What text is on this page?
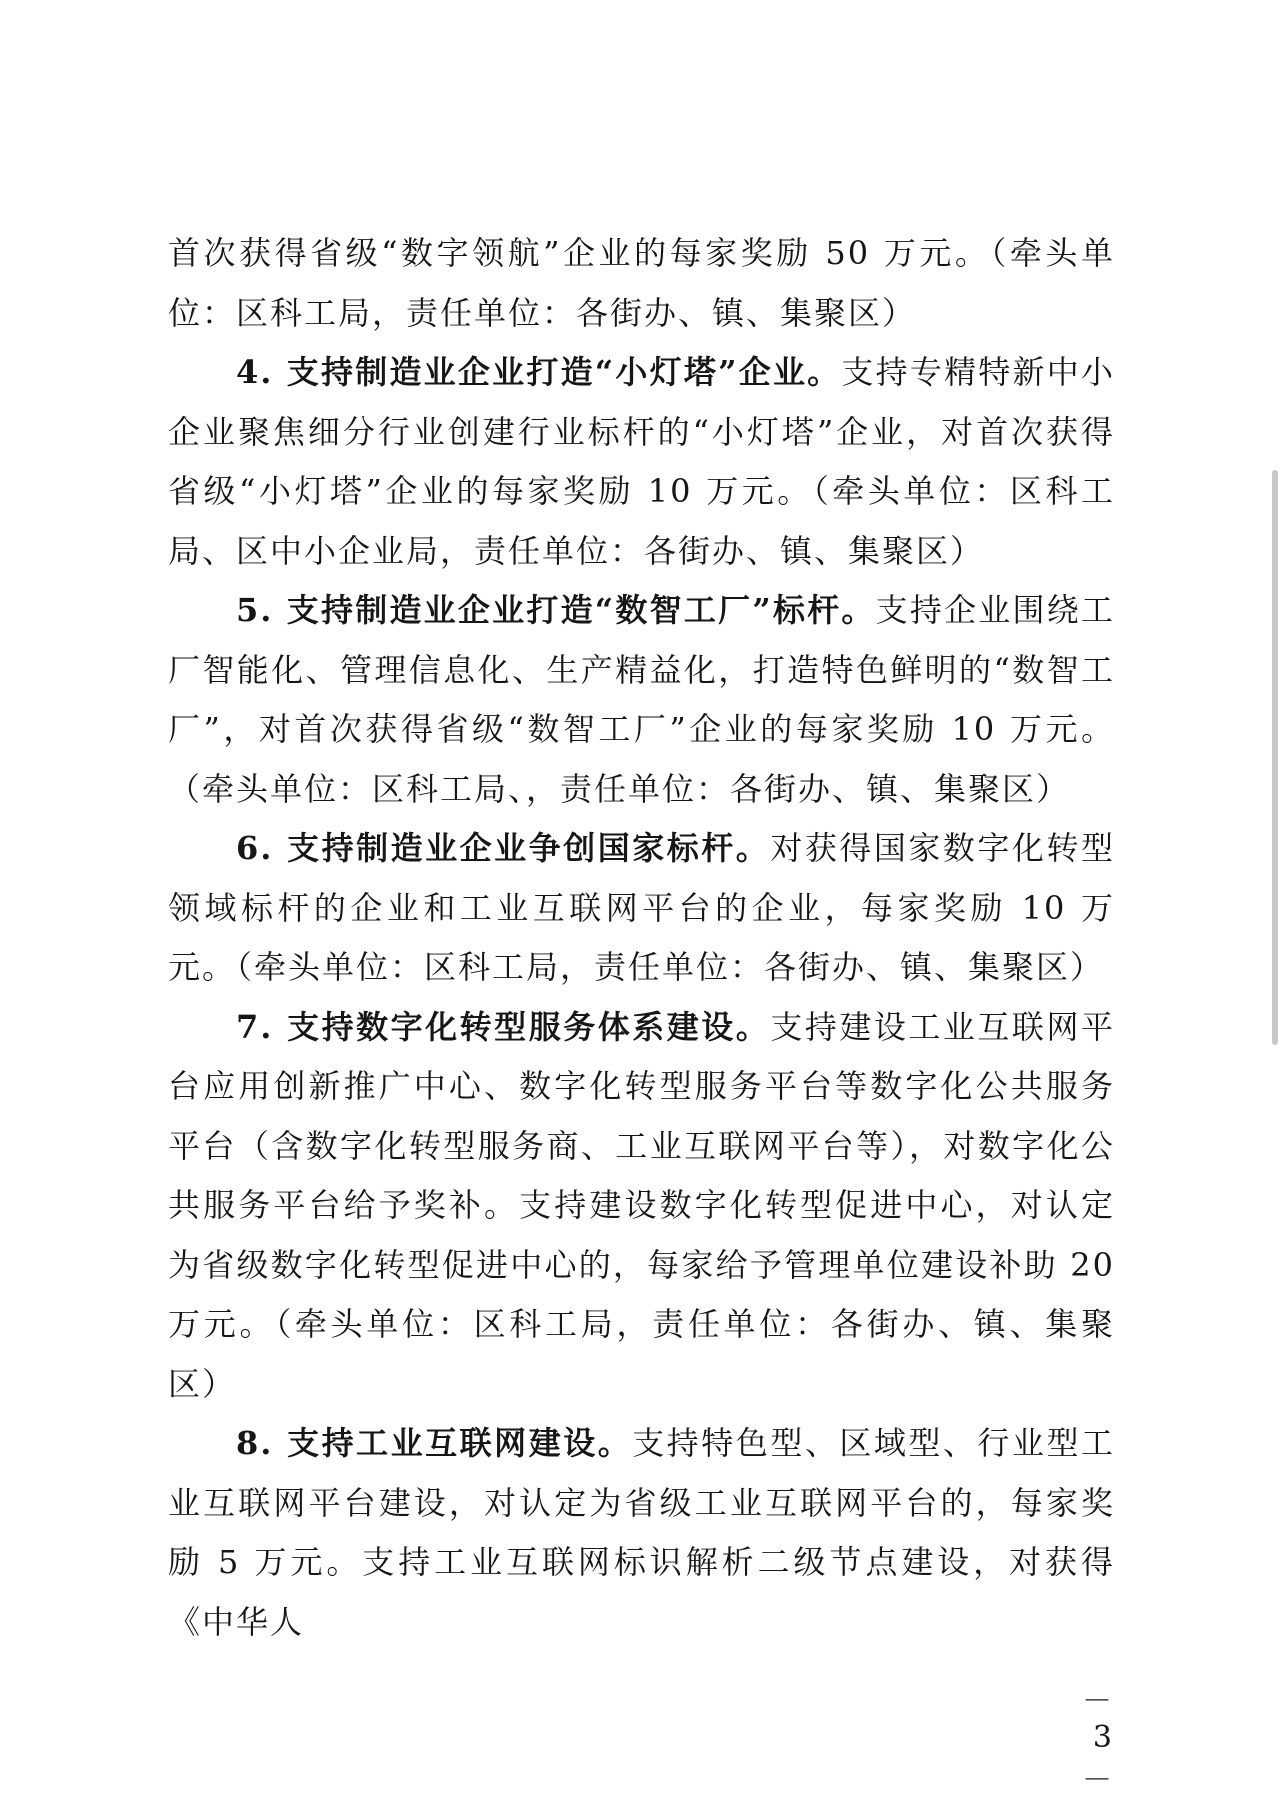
首次获得省级“数字领航”企业的每家奖励 50 万元。（牵头单位：区科工局，责任单位：各街办、镇、集聚区）

4. 支持制造业企业打造“小灯塔”企业。支持专精特新中小企业聚焦细分行业创建行业标杆的“小灯塔”企业，对首次获得省级“小灯塔”企业的每家奖励 10 万元。（牵头单位：区科工局、区中小企业局，责任单位：各街办、镇、集聚区）

5. 支持制造业企业打造“数智工厂”标杆。支持企业围绕工厂智能化、管理信息化、生产精益化，打造特色鲜明的“数智工厂”，对首次获得省级“数智工厂”企业的每家奖励 10 万元。（牵头单位：区科工局、，责任单位：各街办、镇、集聚区）

6. 支持制造业企业争创国家标杆。对获得国家数字化转型领域标杆的企业和工业互联网平台的企业，每家奖励 10 万元。（牵头单位：区科工局，责任单位：各街办、镇、集聚区）

7. 支持数字化转型服务体系建设。支持建设工业互联网平台应用创新推广中心、数字化转型服务平台等数字化公共服务平台（含数字化转型服务商、工业互联网平台等），对数字化公共服务平台给予奖补。支持建设数字化转型促进中心，对认定为省级数字化转型促进中心的，每家给予管理单位建设补助 20 万元。（牵头单位：区科工局，责任单位：各街办、镇、集聚区）

8. 支持工业互联网建设。支持特色型、区域型、行业型工业互联网平台建设，对认定为省级工业互联网平台的，每家奖励 5 万元。支持工业互联网标识解析二级节点建设，对获得《中华人

－ 3 －
